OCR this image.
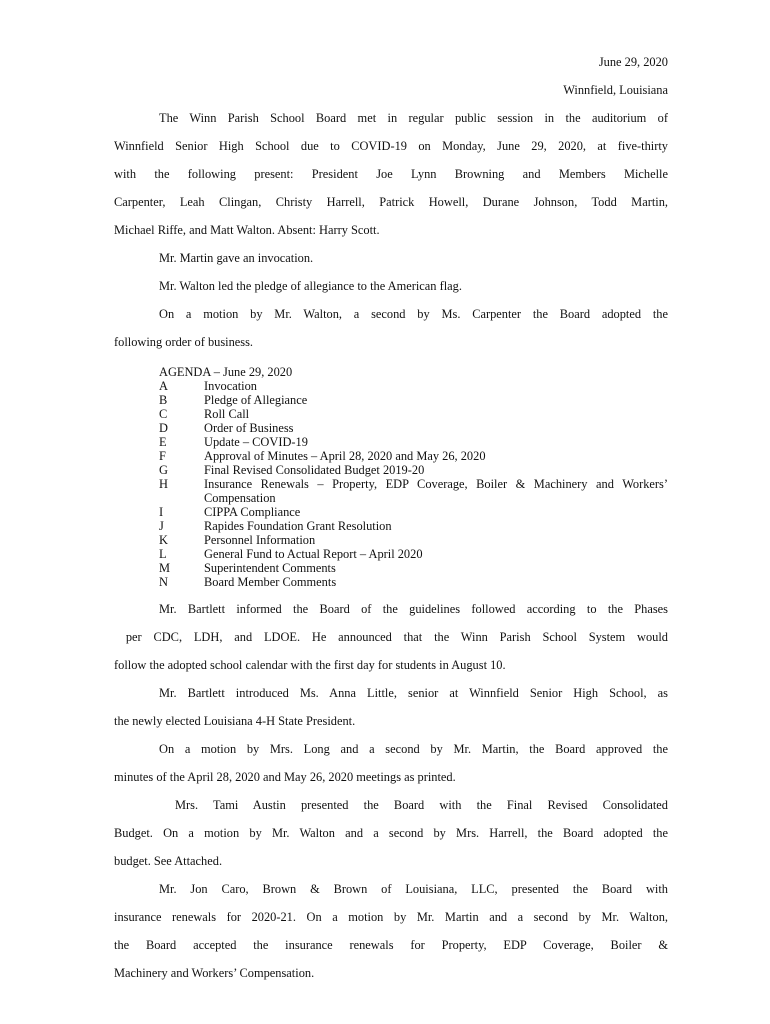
June 29, 2020
Winnfield, Louisiana
The Winn Parish School Board met in regular public session in the auditorium of
Winnfield Senior High School due to COVID-19 on Monday, June 29, 2020, at five-thirty
with the following present: President Joe Lynn Browning and Members Michelle
Carpenter, Leah Clingan, Christy Harrell, Patrick Howell, Durane Johnson, Todd Martin,
Michael Riffe, and Matt Walton. Absent: Harry Scott.
Mr. Martin gave an invocation.
Mr. Walton led the pledge of allegiance to the American flag.
On a motion by Mr. Walton, a second by Ms. Carpenter the Board adopted the
following order of business.
AGENDA – June 29, 2020
A	Invocation
B	Pledge of Allegiance
C	Roll Call
D	Order of Business
E	Update – COVID-19
F	Approval of Minutes – April 28, 2020 and May 26, 2020
G	Final Revised Consolidated Budget 2019-20
H	Insurance Renewals – Property, EDP Coverage, Boiler & Machinery and Workers’ Compensation
I	CIPPA Compliance
J	Rapides Foundation Grant Resolution
K	Personnel Information
L	General Fund to Actual Report – April 2020
M	Superintendent Comments
N	Board Member Comments
Mr. Bartlett informed the Board of the guidelines followed according to the Phases
per CDC, LDH, and LDOE. He announced that the Winn Parish School System would
follow the adopted school calendar with the first day for students in August 10.
Mr. Bartlett introduced Ms. Anna Little, senior at Winnfield Senior High School, as
the newly elected Louisiana 4-H State President.
On a motion by Mrs. Long and a second by Mr. Martin, the Board approved the
minutes of the April 28, 2020 and May 26, 2020 meetings as printed.
Mrs. Tami Austin presented the Board with the Final Revised Consolidated
Budget. On a motion by Mr. Walton and a second by Mrs. Harrell, the Board adopted the
budget. See Attached.
Mr. Jon Caro, Brown & Brown of Louisiana, LLC, presented the Board with
insurance renewals for 2020-21. On a motion by Mr. Martin and a second by Mr. Walton,
the Board accepted the insurance renewals for Property, EDP Coverage, Boiler &
Machinery and Workers’ Compensation.
